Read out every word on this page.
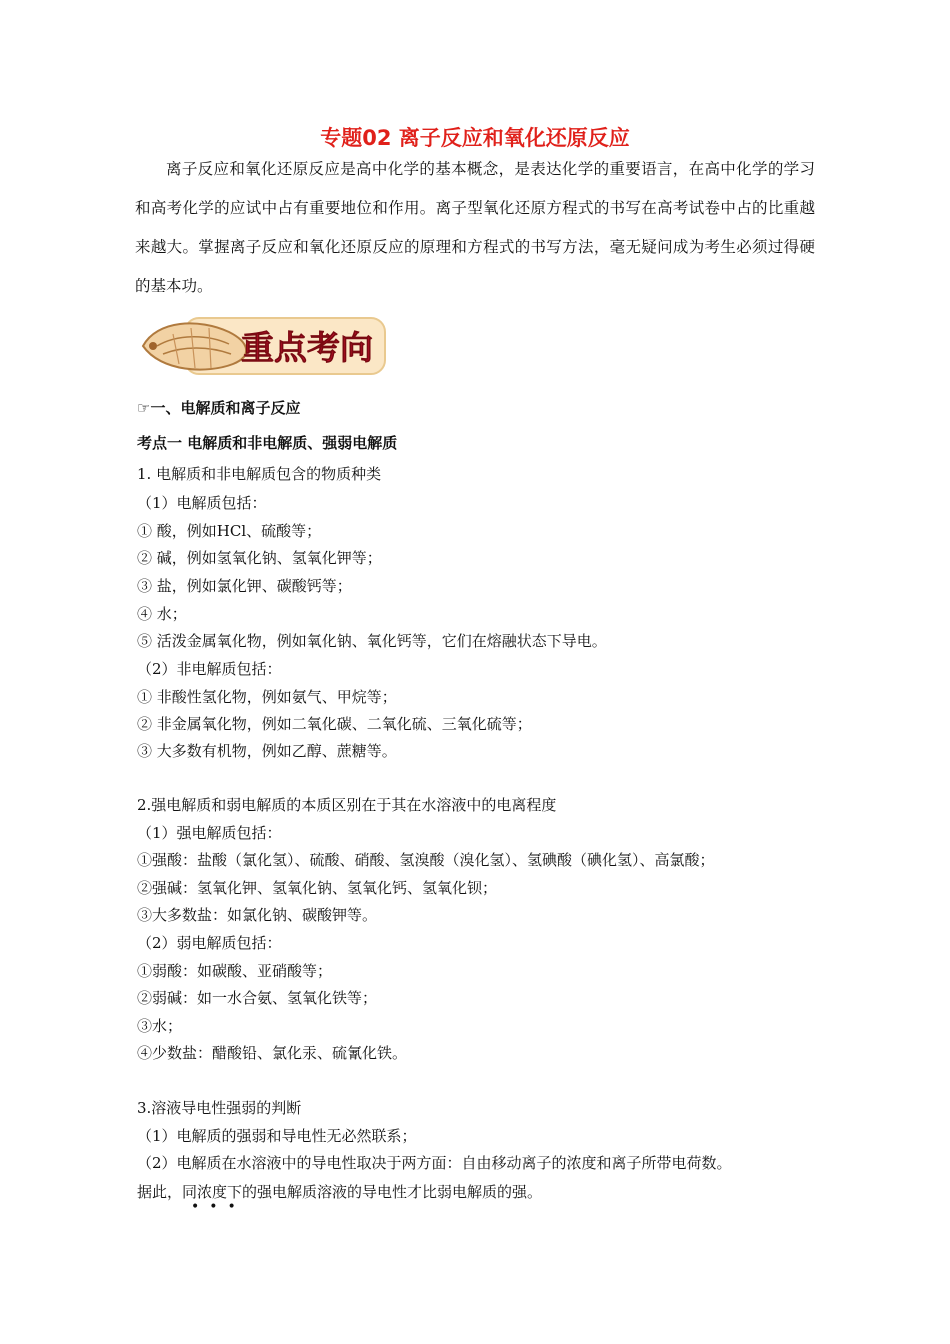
专题02 离子反应和氧化还原反应
离子反应和氧化还原反应是高中化学的基本概念，是表达化学的重要语言，在高中化学的学习和高考化学的应试中占有重要地位和作用。离子型氧化还原方程式的书写在高考试卷中占的比重越来越大。掌握离子反应和氧化还原反应的原理和方程式的书写方法，毫无疑问成为考生必须过得硬的基本功。
重点考向
☞一、电解质和离子反应
考点一 电解质和非电解质、强弱电解质
1. 电解质和非电解质包含的物质种类
（1）电解质包括：
① 酸，例如HCl、硫酸等；
② 碱，例如氢氧化钠、氢氧化钾等；
③ 盐，例如氯化钾、碳酸钙等；
④ 水；
⑤ 活泼金属氧化物，例如氧化钠、氧化钙等，它们在熔融状态下导电。
（2）非电解质包括：
① 非酸性氢化物，例如氨气、甲烷等；
② 非金属氧化物，例如二氧化碳、二氧化硫、三氧化硫等；
③ 大多数有机物，例如乙醇、蔗糖等。
2.强电解质和弱电解质的本质区别在于其在水溶液中的电离程度
（1）强电解质包括：
①强酸：盐酸（氯化氢）、硫酸、硝酸、氢溴酸（溴化氢）、氢碘酸（碘化氢）、高氯酸；
②强碱：氢氧化钾、氢氧化钠、氢氧化钙、氢氧化钡；
③大多数盐：如氯化钠、碳酸钾等。
（2）弱电解质包括：
①弱酸：如碳酸、亚硝酸等；
②弱碱：如一水合氨、氢氧化铁等；
③水；
④少数盐：醋酸铅、氯化汞、硫氰化铁。
3.溶液导电性强弱的判断
（1）电解质的强弱和导电性无必然联系；
（2）电解质在水溶液中的导电性取决于两方面：自由移动离子的浓度和离子所带电荷数。
据此，同浓度下的强电解质溶液的导电性才比弱电解质的强。
•••
